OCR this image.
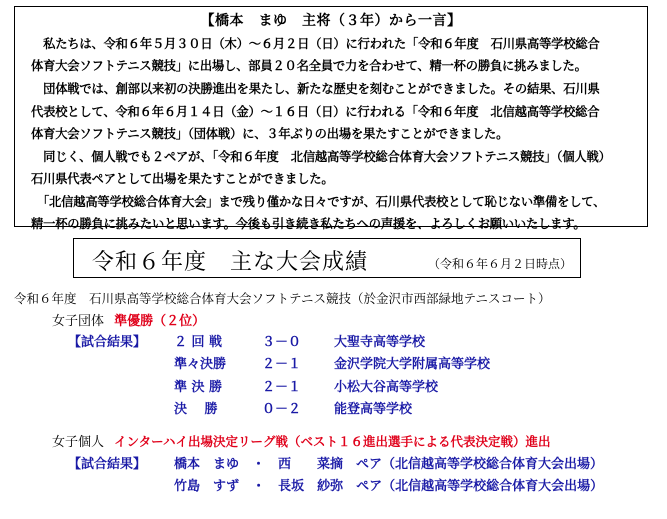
【橋本　まゆ　主将（３年）から一言】
　私たちは、令和６年５月３０日（木）～６月２日（日）に行われた「令和６年度　石川県高等学校総合
体育大会ソフトテニス競技」に出場し、部員２０名全員で力を合わせて、精一杯の勝負に挑みました。
　団体戦では、創部以来初の決勝進出を果たし、新たな歴史を刻むことができました。その結果、石川県
代表校として、令和６年６月１４日（金）～１６日（日）に行われる「令和６年度　北信越高等学校総合
体育大会ソフトテニス競技」（団体戦）に、３年ぶりの出場を果たすことができました。
　同じく、個人戦でも２ペアが、「令和６年度　北信越高等学校総合体育大会ソフトテニス競技」（個人戦）
石川県代表ペアとして出場を果たすことができました。
　「北信越高等学校総合体育大会」まで残り僅かな日々ですが、石川県代表校として恥じない準備をして、
精一杯の勝負に挑みたいと思います。今後も引き続き私たちへの声援を、よろしくお願いいたします。
令和６年度　主な大会成績	（令和６年６月２日時点）
令和６年度　石川県高等学校総合体育大会ソフトテニス競技（於金沢市西部緑地テニスコート）
女子団体 準優勝（２位）
【試合結果】 ２ 回 戦	３－０	大聖寺高等学校
準々決勝	２－１	金沢学院大学附属高等学校
準 決 勝	２－１	小松大谷高等学校
決　 勝	０－２	能登高等学校
女子個人 インターハイ出場決定リーグ戦（ベスト１６進出選手による代表決定戦）進出
【試合結果】 橋本　まゆ　・　西　　菜摘　ペア（北信越高等学校総合体育大会出場）
竹島　すず　・　長坂　紗弥　ペア（北信越高等学校総合体育大会出場）
